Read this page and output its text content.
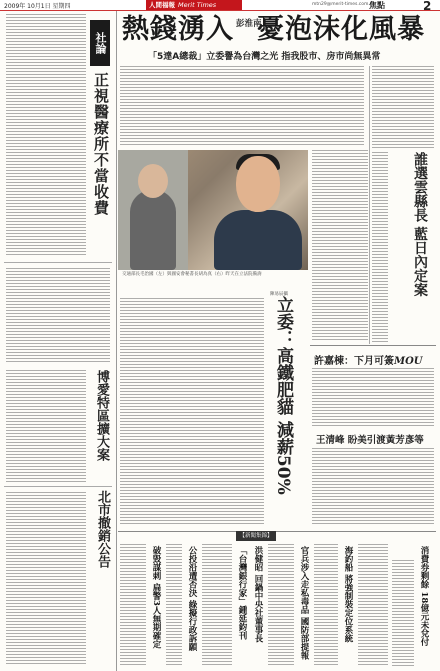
2009年 10月1日 星期四	人間福報 Merit Times	mtn29@merit-times.com.tw
焦點	2
社論
正視醫療所不當收費
博愛特區擴大案
北市撤銷公告
熱錢湧入 彭淮南憂泡沫化風暴
「5達A總裁」立委譽為台灣之光 指我股市、房市尚無異常
交通部長毛治國（左）與國安會秘書長胡為真（右）昨天在立法院備詢
陳易辰攝
立委：高鐵肥貓 減薪50%
誰選雲縣長 藍日內定案
許嘉棟：下月可簽MOU
王清峰 盼美引渡黃芳彥等
【新聞集錦】
破毀謀刺 扁警3人無期確定	公投沿遭否決 綠擬行政訴願	「台灣銀行家」鍾延鈞刊 洪健昭 回鍋中央社董事長	官兵涉入走私毒品 國防部提報	海釣船 將強制裝定位系統	消費券剩餘 18億元未兌付
